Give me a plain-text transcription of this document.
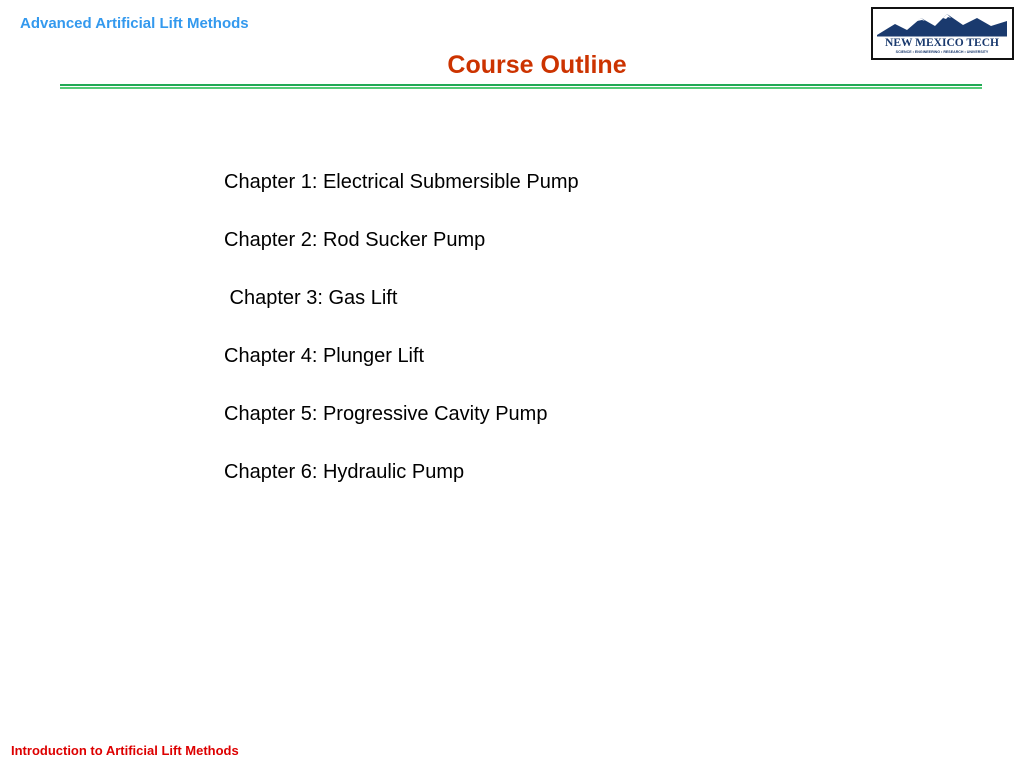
Advanced Artificial Lift Methods
Course Outline
NEW MEXICO TECH
SCIENCE • ENGINEERING • RESEARCH • UNIVERSITY
Chapter 1: Electrical Submersible Pump
Chapter 2: Rod Sucker Pump
Chapter 3: Gas Lift
Chapter 4: Plunger Lift
Chapter 5: Progressive Cavity Pump
Chapter 6: Hydraulic Pump
Introduction to Artificial Lift Methods
